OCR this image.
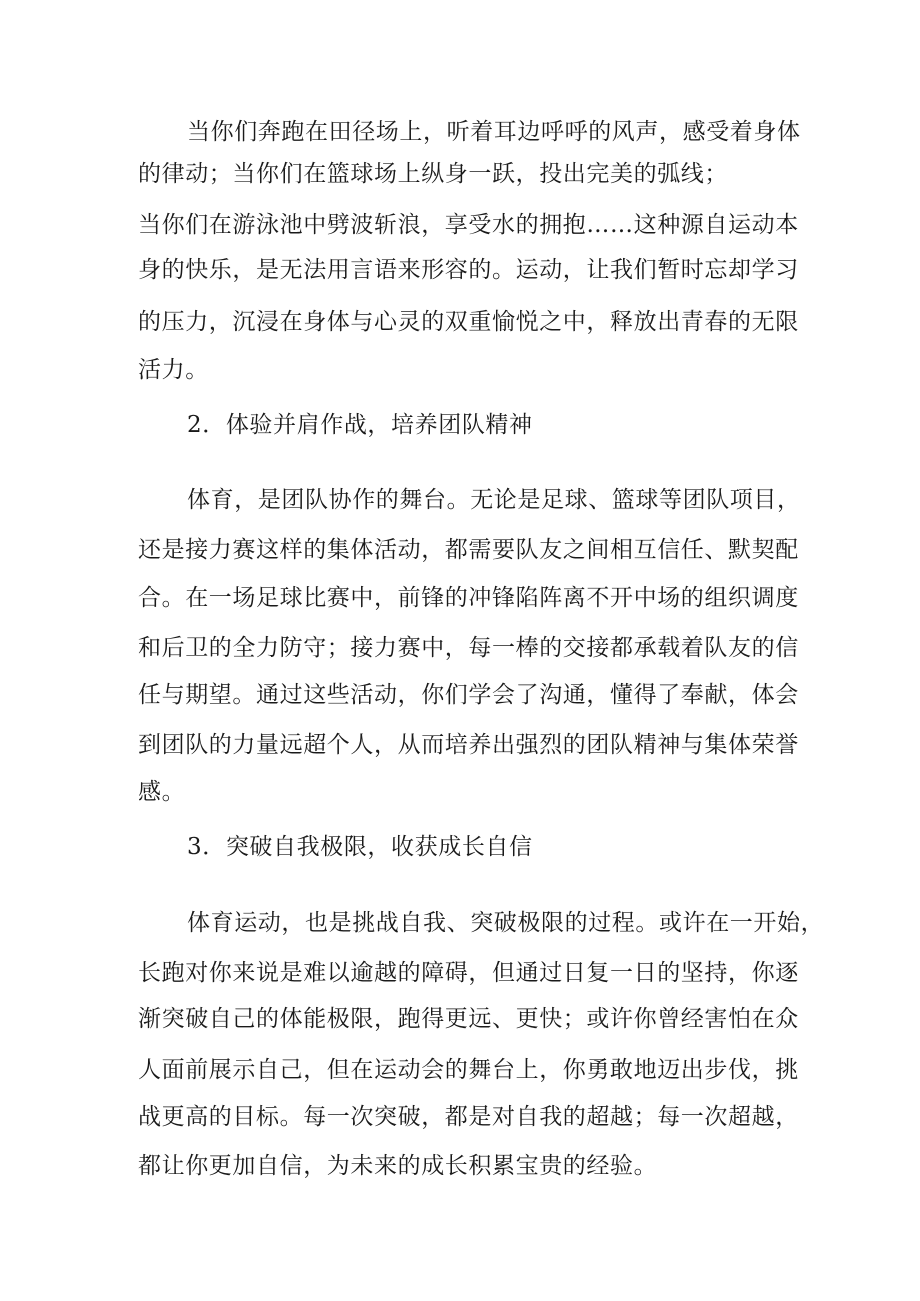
当你们奔跑在田径场上，听着耳边呼呼的风声，感受着身体
的律动；当你们在篮球场上纵身一跃，投出完美的弧线；
当你们在游泳池中劈波斩浪，享受水的拥抱……这种源自运动本
身的快乐，是无法用言语来形容的。运动，让我们暂时忘却学习
的压力，沉浸在身体与心灵的双重愉悦之中，释放出青春的无限
活力。
2．体验并肩作战，培养团队精神
体育，是团队协作的舞台。无论是足球、篮球等团队项目，
还是接力赛这样的集体活动，都需要队友之间相互信任、默契配
合。在一场足球比赛中，前锋的冲锋陷阵离不开中场的组织调度
和后卫的全力防守；接力赛中，每一棒的交接都承载着队友的信
任与期望。通过这些活动，你们学会了沟通，懂得了奉献，体会
到团队的力量远超个人，从而培养出强烈的团队精神与集体荣誉
感。
3．突破自我极限，收获成长自信
体育运动，也是挑战自我、突破极限的过程。或许在一开始，
长跑对你来说是难以逾越的障碍，但通过日复一日的坚持，你逐
渐突破自己的体能极限，跑得更远、更快；或许你曾经害怕在众
人面前展示自己，但在运动会的舞台上，你勇敢地迈出步伐，挑
战更高的目标。每一次突破，都是对自我的超越；每一次超越，
都让你更加自信，为未来的成长积累宝贵的经验。
